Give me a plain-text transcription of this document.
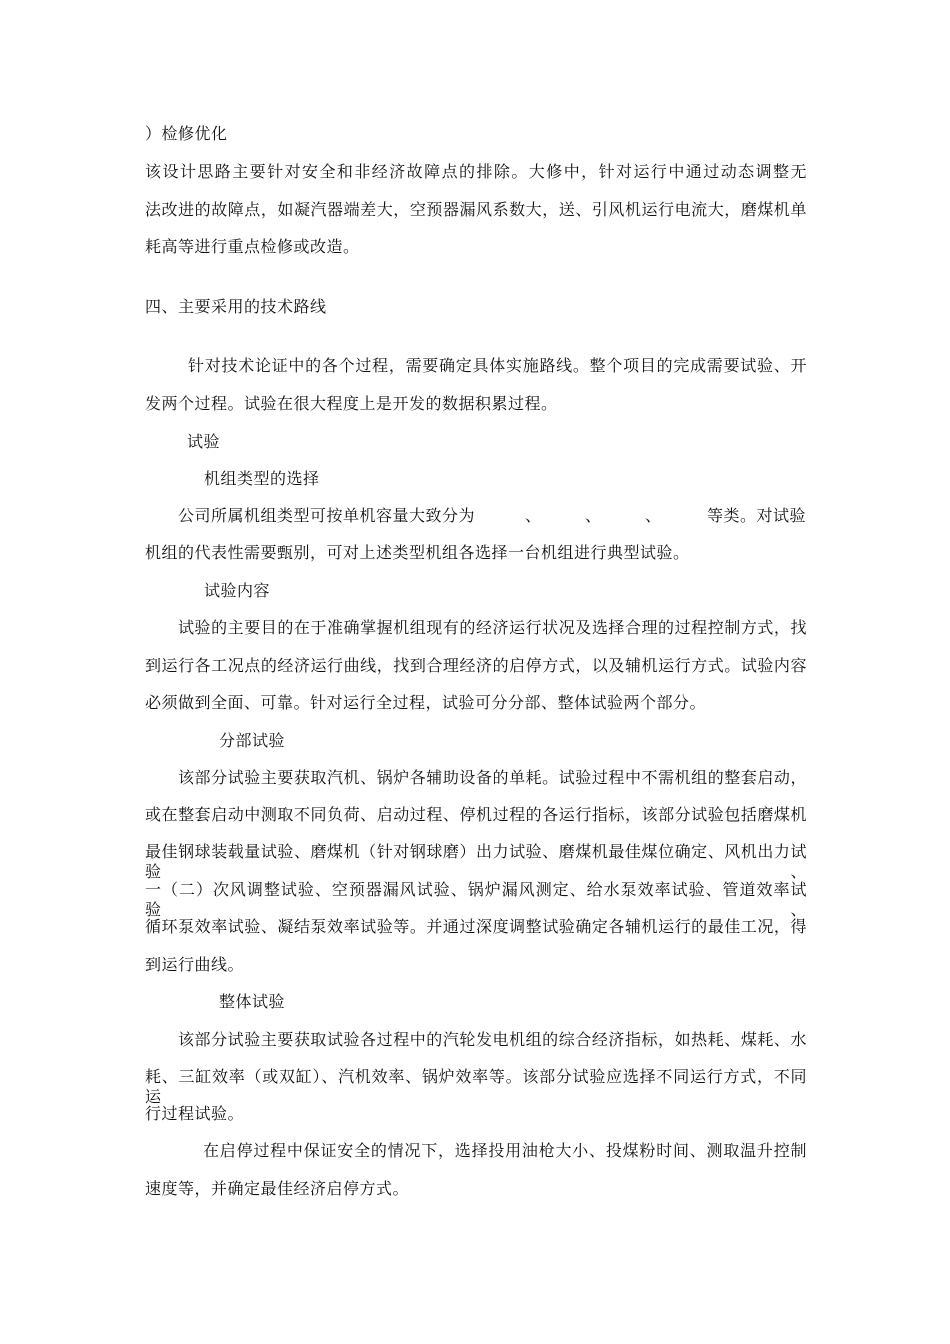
）检修优化
该设计思路主要针对安全和非经济故障点的排除。大修中，针对运行中通过动态调整无
法改进的故障点，如凝汽器端差大，空预器漏风系数大，送、引风机运行电流大，磨煤机单
耗高等进行重点检修或改造。
四、主要采用的技术路线
针对技术论证中的各个过程，需要确定具体实施路线。整个项目的完成需要试验、开
发两个过程。试验在很大程度上是开发的数据积累过程。
试验
机组类型的选择
公司所属机组类型可按单机容量大致分为	、	、	、	等类。对试验
机组的代表性需要甄别，可对上述类型机组各选择一台机组进行典型试验。
试验内容
试验的主要目的在于准确掌握机组现有的经济运行状况及选择合理的过程控制方式，找
到运行各工况点的经济运行曲线，找到合理经济的启停方式，以及辅机运行方式。试验内容
必须做到全面、可靠。针对运行全过程，试验可分分部、整体试验两个部分。
分部试验
该部分试验主要获取汽机、锅炉各辅助设备的单耗。试验过程中不需机组的整套启动，
或在整套启动中测取不同负荷、启动过程、停机过程的各运行指标，该部分试验包括磨煤机
最佳钢球装载量试验、磨煤机（针对钢球磨）出力试验、磨煤机最佳煤位确定、风机出力试验、
一（二）次风调整试验、空预器漏风试验、锅炉漏风测定、给水泵效率试验、管道效率试验、
循环泵效率试验、凝结泵效率试验等。并通过深度调整试验确定各辅机运行的最佳工况，得
到运行曲线。
整体试验
该部分试验主要获取试验各过程中的汽轮发电机组的综合经济指标，如热耗、煤耗、水
耗、三缸效率（或双缸）、汽机效率、锅炉效率等。该部分试验应选择不同运行方式，不同运
行过程试验。
在启停过程中保证安全的情况下，选择投用油枪大小、投煤粉时间、测取温升控制
速度等，并确定最佳经济启停方式。
